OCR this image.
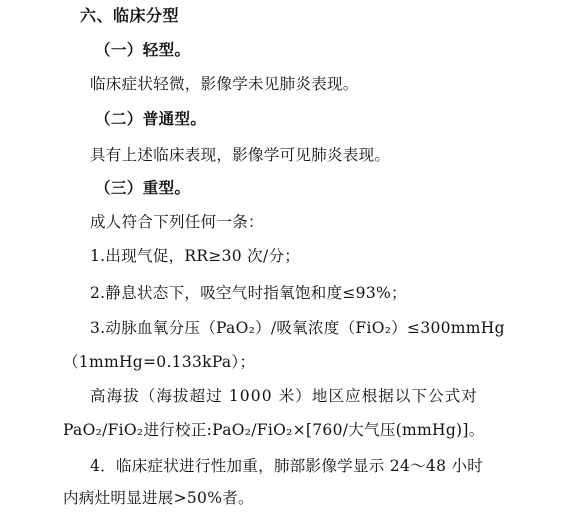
六、临床分型
（一）轻型。
临床症状轻微，影像学未见肺炎表现。
（二）普通型。
具有上述临床表现，影像学可见肺炎表现。
（三）重型。
成人符合下列任何一条：
1.出现气促，RR≥30 次/分；
2.静息状态下，吸空气时指氧饱和度≤93%；
3.动脉血氧分压（PaO₂）/吸氧浓度（FiO₂）≤300mmHg
（1mmHg=0.133kPa）；
高海拔（海拔超过 1000 米）地区应根据以下公式对
PaO₂/FiO₂进行校正:PaO₂/FiO₂×[760/大气压(mmHg)]。
4．临床症状进行性加重，肺部影像学显示 24～48 小时
内病灶明显进展>50%者。
